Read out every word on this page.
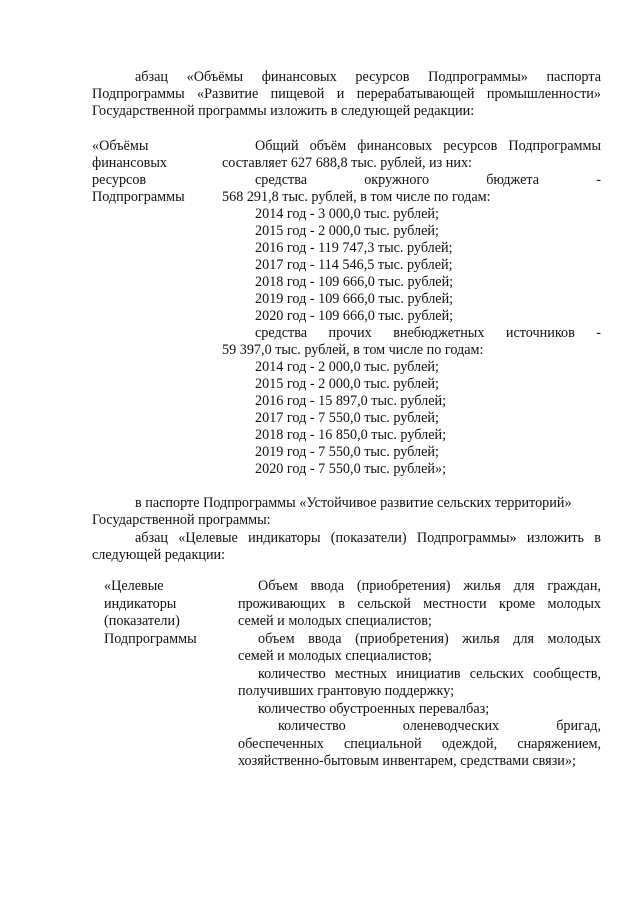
абзац «Объёмы финансовых ресурсов Подпрограммы» паспорта
Подпрограммы «Развитие пищевой и перерабатывающей промышленности»
Государственной программы изложить в следующей редакции:
«Объёмы
финансовых
ресурсов
Подпрограммы
Общий объём финансовых ресурсов Подпрограммы
составляет 627 688,8 тыс. рублей, из них:
средства окружного бюджета -
568 291,8 тыс. рублей, в том числе по годам:
2014 год - 3 000,0 тыс. рублей;
2015 год - 2 000,0 тыс. рублей;
2016 год - 119 747,3 тыс. рублей;
2017 год - 114 546,5 тыс. рублей;
2018 год - 109 666,0 тыс. рублей;
2019 год - 109 666,0 тыс. рублей;
2020 год - 109 666,0 тыс. рублей;
средства прочих внебюджетных источников -
59 397,0 тыс. рублей, в том числе по годам:
2014 год - 2 000,0 тыс. рублей;
2015 год - 2 000,0 тыс. рублей;
2016 год - 15 897,0 тыс. рублей;
2017 год - 7 550,0 тыс. рублей;
2018 год - 16 850,0 тыс. рублей;
2019 год - 7 550,0 тыс. рублей;
2020 год - 7 550,0 тыс. рублей»;
в паспорте Подпрограммы «Устойчивое развитие сельских территорий»
Государственной программы:
абзац «Целевые индикаторы (показатели) Подпрограммы» изложить в
следующей редакции:
«Целевые
индикаторы
(показатели)
Подпрограммы
Объем ввода (приобретения) жилья для граждан,
проживающих в сельской местности кроме молодых
семей и молодых специалистов;
объем ввода (приобретения) жилья для молодых
семей и молодых специалистов;
количество местных инициатив сельских сообществ,
получивших грантовую поддержку;
количество обустроенных перевалбаз;
количество оленеводческих бригад,
обеспеченных специальной одеждой, снаряжением,
хозяйственно-бытовым инвентарем, средствами связи»;
